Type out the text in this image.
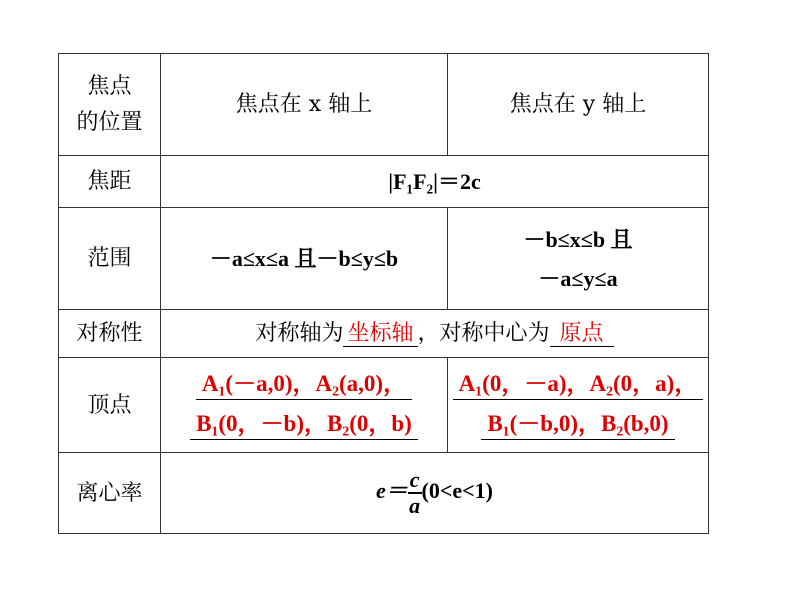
焦点
的位置	焦点在 x 轴上	焦点在 y 轴上
焦距	|F₁F₂|＝2c	
范围	－a≤x≤a 且－b≤y≤b	－b≤x≤b 且
－a≤y≤a

对称性	对称轴为 坐标轴 ，对称中心为 原点	
顶点	A₁(－a,0)，A₂(a,0)，
B₁(0，－b)，B₂(0，b)	A₁(0，－a)，A₂(0，a)，
B₁(－b,0)，B₂(b,0)

离心率	$e= \frac{c}{a} (0<e<1)$	
